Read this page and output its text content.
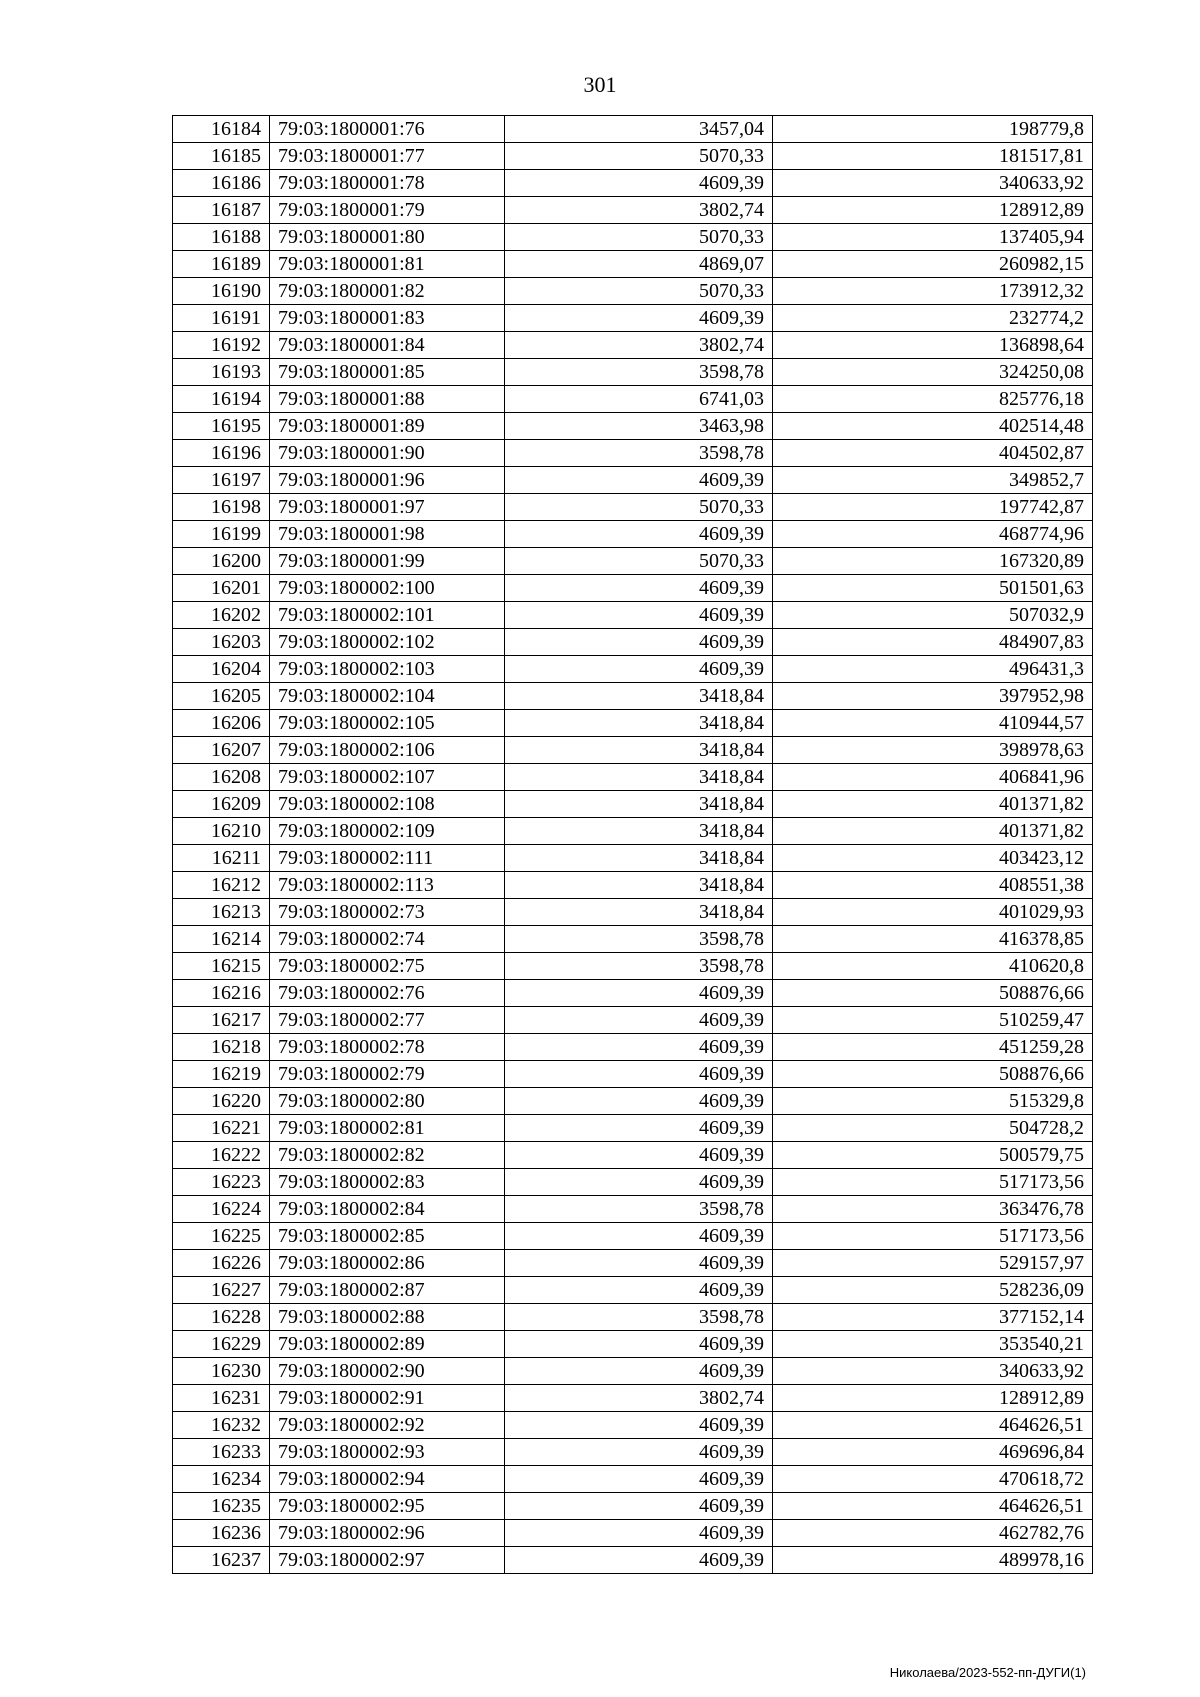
301
16184	79:03:1800001:76	3457,04	198779,8
16185	79:03:1800001:77	5070,33	181517,81
16186	79:03:1800001:78	4609,39	340633,92
16187	79:03:1800001:79	3802,74	128912,89
16188	79:03:1800001:80	5070,33	137405,94
16189	79:03:1800001:81	4869,07	260982,15
16190	79:03:1800001:82	5070,33	173912,32
16191	79:03:1800001:83	4609,39	232774,2
16192	79:03:1800001:84	3802,74	136898,64
16193	79:03:1800001:85	3598,78	324250,08
16194	79:03:1800001:88	6741,03	825776,18
16195	79:03:1800001:89	3463,98	402514,48
16196	79:03:1800001:90	3598,78	404502,87
16197	79:03:1800001:96	4609,39	349852,7
16198	79:03:1800001:97	5070,33	197742,87
16199	79:03:1800001:98	4609,39	468774,96
16200	79:03:1800001:99	5070,33	167320,89
16201	79:03:1800002:100	4609,39	501501,63
16202	79:03:1800002:101	4609,39	507032,9
16203	79:03:1800002:102	4609,39	484907,83
16204	79:03:1800002:103	4609,39	496431,3
16205	79:03:1800002:104	3418,84	397952,98
16206	79:03:1800002:105	3418,84	410944,57
16207	79:03:1800002:106	3418,84	398978,63
16208	79:03:1800002:107	3418,84	406841,96
16209	79:03:1800002:108	3418,84	401371,82
16210	79:03:1800002:109	3418,84	401371,82
16211	79:03:1800002:111	3418,84	403423,12
16212	79:03:1800002:113	3418,84	408551,38
16213	79:03:1800002:73	3418,84	401029,93
16214	79:03:1800002:74	3598,78	416378,85
16215	79:03:1800002:75	3598,78	410620,8
16216	79:03:1800002:76	4609,39	508876,66
16217	79:03:1800002:77	4609,39	510259,47
16218	79:03:1800002:78	4609,39	451259,28
16219	79:03:1800002:79	4609,39	508876,66
16220	79:03:1800002:80	4609,39	515329,8
16221	79:03:1800002:81	4609,39	504728,2
16222	79:03:1800002:82	4609,39	500579,75
16223	79:03:1800002:83	4609,39	517173,56
16224	79:03:1800002:84	3598,78	363476,78
16225	79:03:1800002:85	4609,39	517173,56
16226	79:03:1800002:86	4609,39	529157,97
16227	79:03:1800002:87	4609,39	528236,09
16228	79:03:1800002:88	3598,78	377152,14
16229	79:03:1800002:89	4609,39	353540,21
16230	79:03:1800002:90	4609,39	340633,92
16231	79:03:1800002:91	3802,74	128912,89
16232	79:03:1800002:92	4609,39	464626,51
16233	79:03:1800002:93	4609,39	469696,84
16234	79:03:1800002:94	4609,39	470618,72
16235	79:03:1800002:95	4609,39	464626,51
16236	79:03:1800002:96	4609,39	462782,76
16237	79:03:1800002:97	4609,39	489978,16
Николаева/2023-552-пп-ДУГИ(1)
